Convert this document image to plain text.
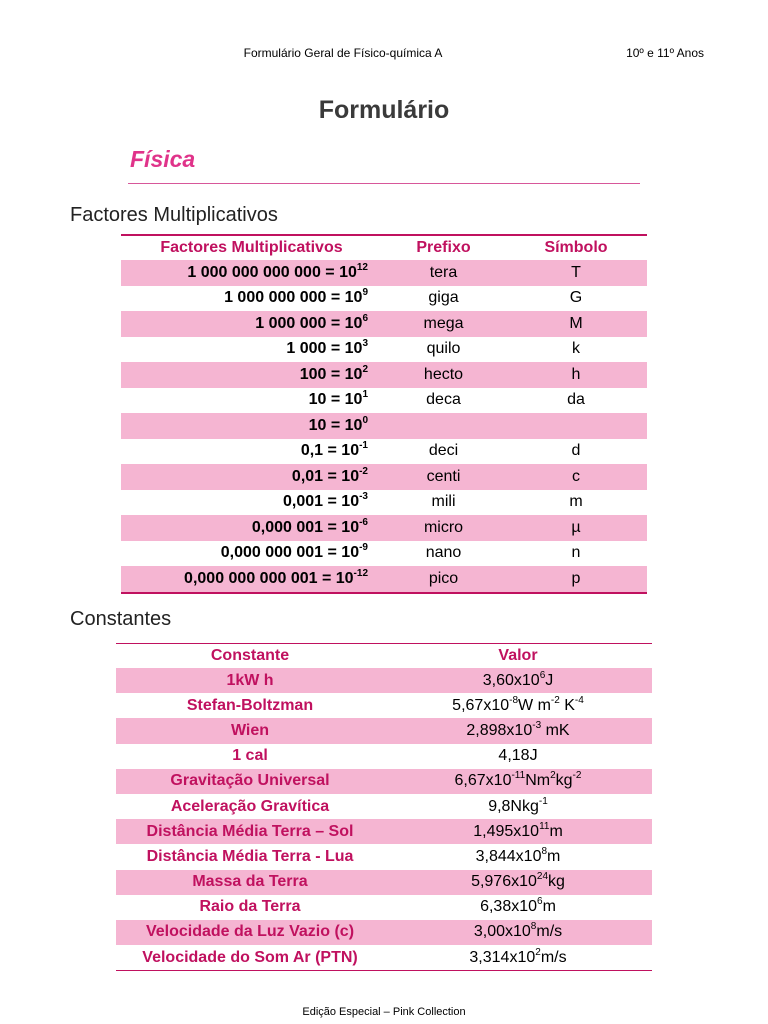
Formulário Geral de Físico-química A	10º e 11º Anos
Formulário
Física
Factores Multiplicativos
Factores Multiplicativos	Prefixo	Símbolo
1 000 000 000 $000 = 10^{12}$	tera	T
1 000 000 $000 = 10^9$	giga	G
1 000 $000 = 10^6$	mega	M
1 $000 = 10^3$	quilo	k
$100 = 10^2$	hecto	h
$10 = 10^1$	deca	da
$10 = 10^0$		
$0,1 = 10^{-1}$	deci	d
$0,01 = 10^{-2}$	centi	c
$0,001 = 10^{-3}$	mili	m
0,000 $001 = 10^{-6}$	micro	µ
0,000 000 $001 = 10^{-9}$	nano	n
0,000 000 000 $001 = 10^{-12}$	pico	p
Constantes
Constante	Valor
1kW h	$3,60x10^6J$
Stefan-Boltzman	$5,67x10^{-8}W$ $m^{-2}$ $K^{-4}$
Wien	$2,898x10^{-3}$ mK
1 cal	4,18J
Gravitação Universal	$6,67x10^{-11}Nm^2kg^{-2}$
Aceleração Gravítica	9,8Nkg$^{-1}$
Distância Média Terra – Sol	$1,495x10^{11}m$
Distância Média Terra - Lua	$3,844x10^8m$
Massa da Terra	$5,976x10^{24}kg$
Raio da Terra	$6,38x10^6m$
Velocidade da Luz Vazio (c)	$3,00x10^8m/s$
Velocidade do Som Ar (PTN)	$3,314x10^2m/s$
Edição Especial – Pink Collection
